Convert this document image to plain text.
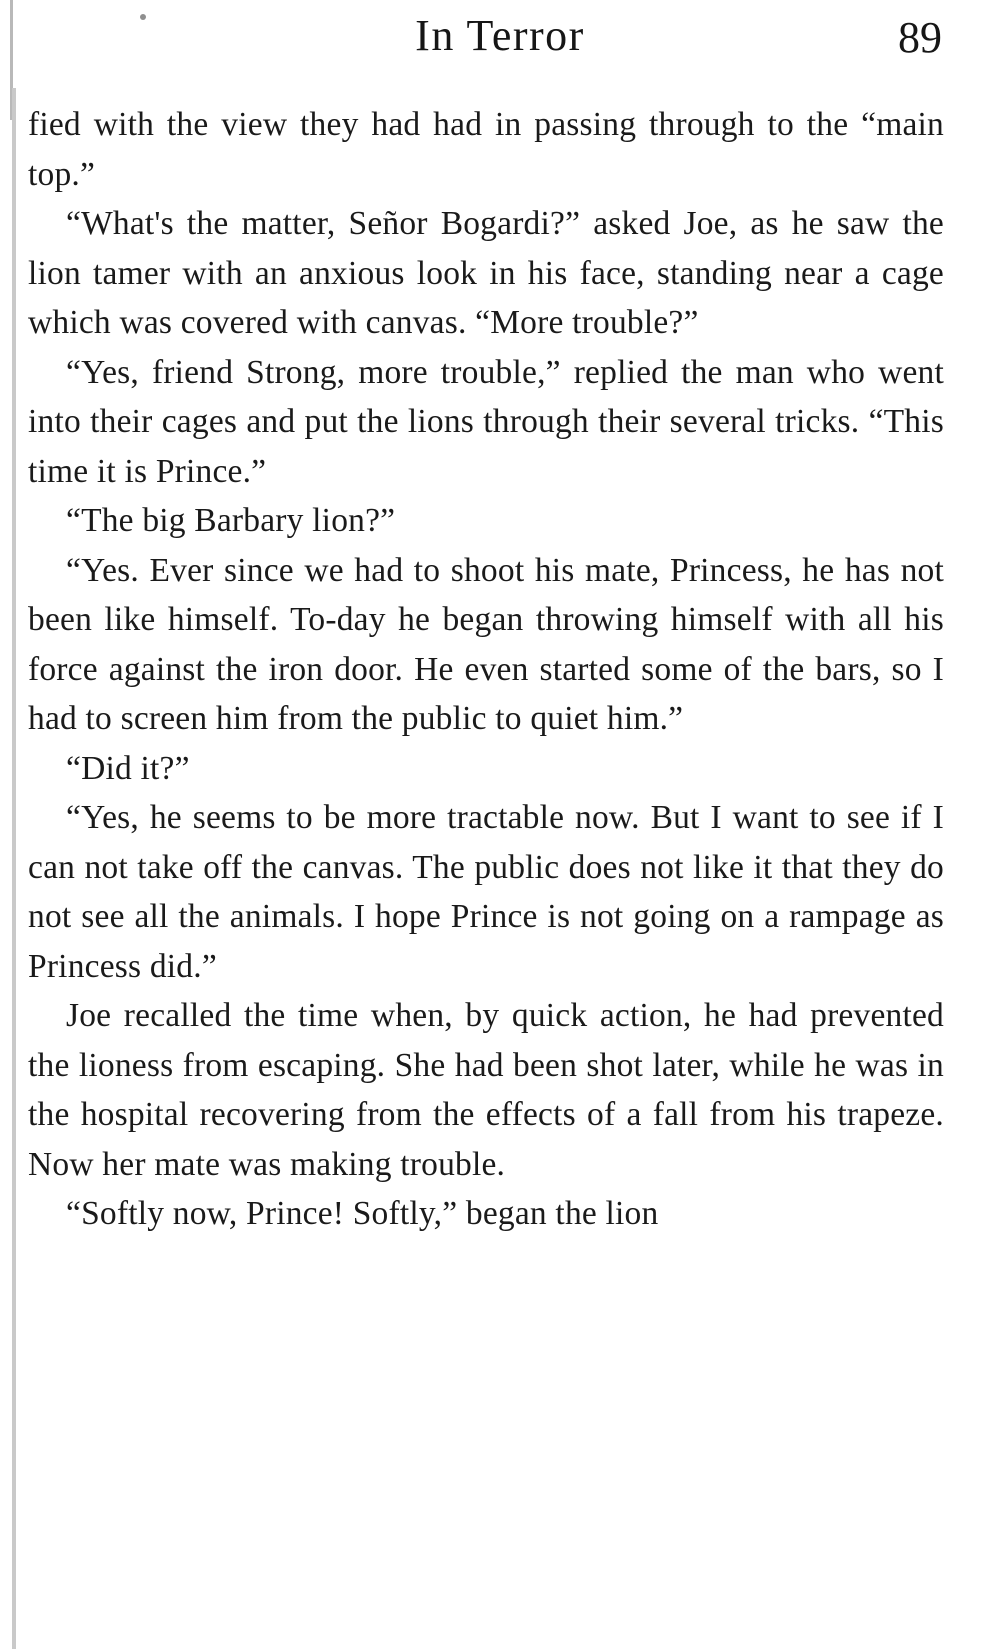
In Terror	89

fied with the view they had had in passing through to the “main top.”

“What's the matter, Señor Bogardi?” asked Joe, as he saw the lion tamer with an anxious look in his face, standing near a cage which was covered with canvas. “More trouble?”

“Yes, friend Strong, more trouble,” replied the man who went into their cages and put the lions through their several tricks. “This time it is Prince.”

“The big Barbary lion?”

“Yes. Ever since we had to shoot his mate, Princess, he has not been like himself. To-day he began throwing himself with all his force against the iron door. He even started some of the bars, so I had to screen him from the public to quiet him.”

“Did it?”

“Yes, he seems to be more tractable now. But I want to see if I can not take off the canvas. The public does not like it that they do not see all the animals. I hope Prince is not going on a rampage as Princess did.”

Joe recalled the time when, by quick action, he had prevented the lioness from escaping. She had been shot later, while he was in the hospital recovering from the effects of a fall from his trapeze. Now her mate was making trouble.

“Softly now, Prince! Softly,” began the lion
